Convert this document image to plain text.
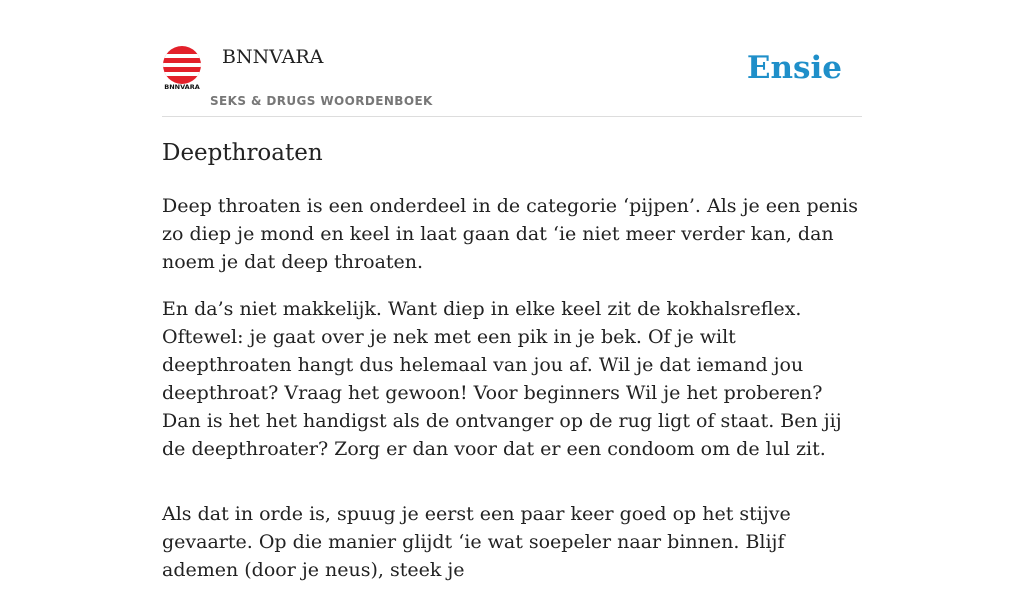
BNNVARA
BNNVARA
SEKS & DRUGS WOORDENBOEK
Ensie
Deepthroaten

Deep throaten is een onderdeel in de categorie ‘pijpen’. Als je een penis zo diep je mond en keel in laat gaan dat ‘ie niet meer verder kan, dan noem je dat deep throaten.

En da’s niet makkelijk. Want diep in elke keel zit de kokhalsreflex. Oftewel: je gaat over je nek met een pik in je bek. Of je wilt deepthroaten hangt dus helemaal van jou af. Wil je dat iemand jou deepthroat? Vraag het gewoon! Voor beginners Wil je het proberen? Dan is het het handigst als de ontvanger op de rug ligt of staat. Ben jij de deepthroater? Zorg er dan voor dat er een condoom om de lul zit.

Als dat in orde is, spuug je eerst een paar keer goed op het stijve gevaarte. Op die manier glijdt ‘ie wat soepeler naar binnen. Blijf ademen (door je neus), steek je
